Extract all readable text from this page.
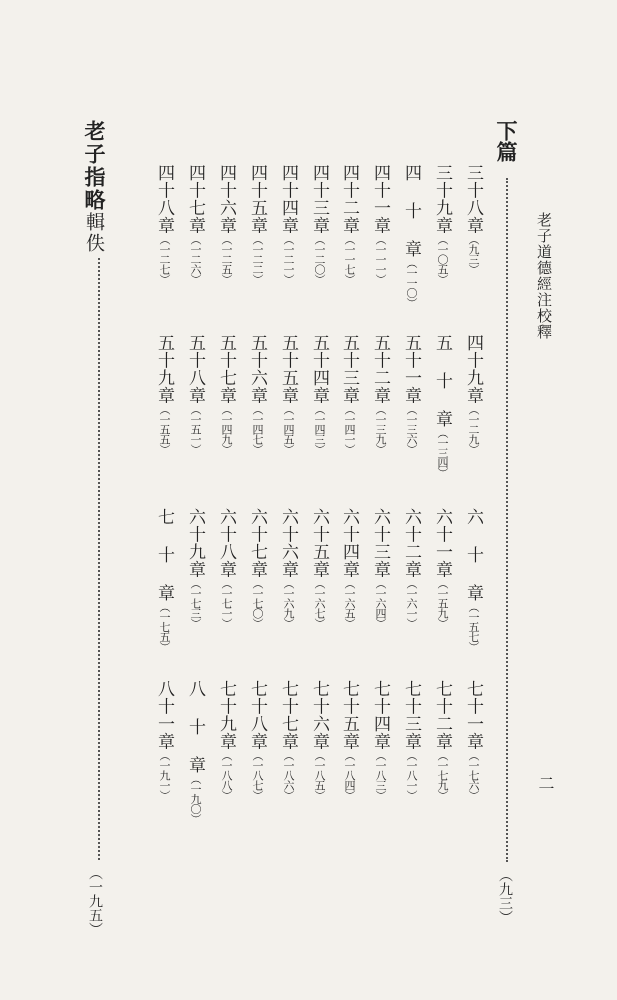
老子道德經注校釋
二
下篇
（九三）
三十八章（九三）
三十九章（一〇五）
四 十 章（一一〇）
四十一章（一一一）
四十二章（一一七）
四十三章（一二〇）
四十四章（一二一）
四十五章（一二二）
四十六章（一二五）
四十七章（一二六）
四十八章（一二七）
四十九章（一二九）
五 十 章（一三四）
五十一章（一三六）
五十二章（一三九）
五十三章（一四一）
五十四章（一四三）
五十五章（一四五）
五十六章（一四七）
五十七章（一四九）
五十八章（一五一）
五十九章（一五五）
六 十 章（一五七）
六十一章（一五九）
六十二章（一六一）
六十三章（一六四）
六十四章（一六五）
六十五章（一六七）
六十六章（一六九）
六十七章（一七〇）
六十八章（一七一）
六十九章（一七三）
七 十 章（一七五）
七十一章（一七六）
七十二章（一七九）
七十三章（一八一）
七十四章（一八三）
七十五章（一八四）
七十六章（一八五）
七十七章（一八六）
七十八章（一八七）
七十九章（一八八）
八 十 章（一九〇）
八十一章（一九一）
老子指略輯佚
（一九五）
